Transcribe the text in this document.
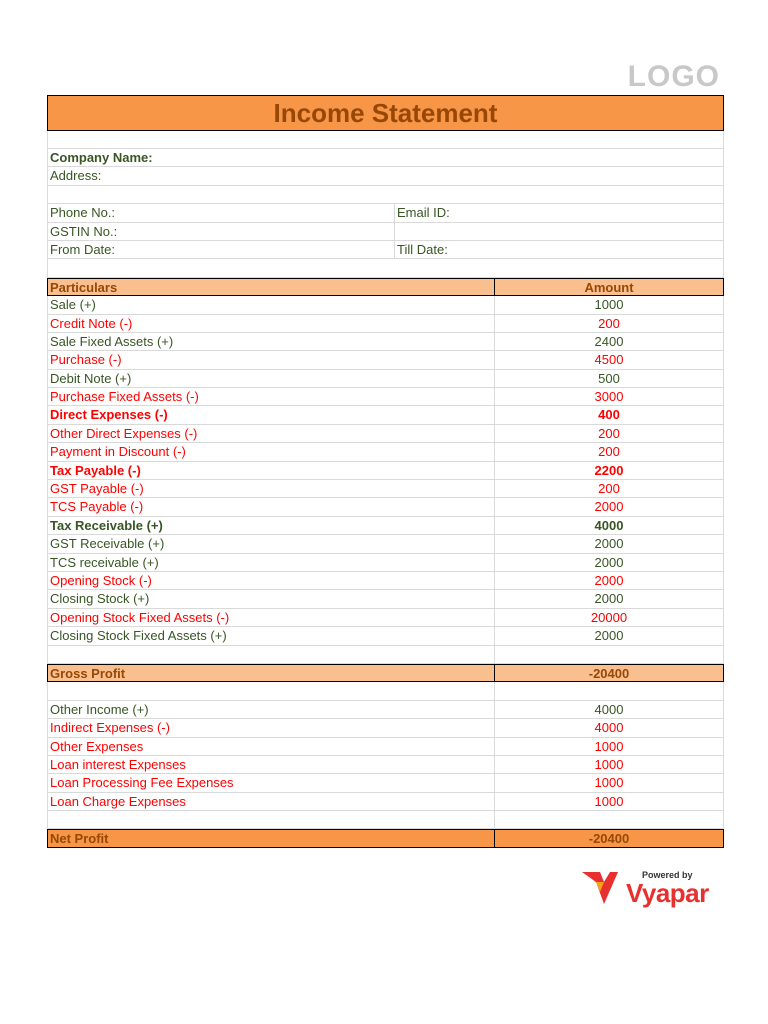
LOGO
Income Statement
Company Name:
Address:
Phone No.:	Email ID:
GSTIN No.:
From Date:	Till Date:
Particulars	Amount
Sale (+)	1000
Credit Note (-)	200
Sale Fixed Assets (+)	2400
Purchase (-)	4500
Debit Note (+)	500
Purchase Fixed Assets (-)	3000
Direct Expenses (-)	400
Other Direct Expenses (-)	200
Payment in Discount (-)	200
Tax Payable (-)	2200
GST Payable (-)	200
TCS Payable (-)	2000
Tax Receivable (+)	4000
GST Receivable (+)	2000
TCS receivable (+)	2000
Opening Stock (-)	2000
Closing Stock (+)	2000
Opening Stock Fixed Assets (-)	20000
Closing Stock Fixed Assets (+)	2000
Gross Profit	-20400
Other Income (+)	4000
Indirect Expenses (-)	4000
Other Expenses	1000
Loan interest Expenses	1000
Loan Processing Fee Expenses	1000
Loan Charge Expenses	1000
Net Profit	-20400
Powered by
Vyapar
